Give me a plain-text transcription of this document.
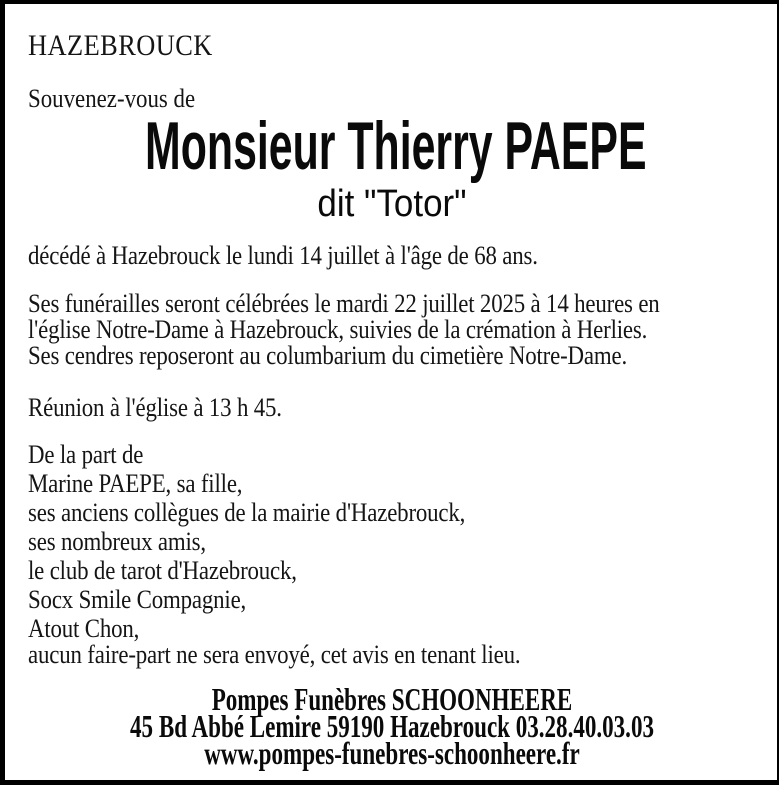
HAZEBROUCK
Souvenez-vous de
Monsieur Thierry PAEPE
dit "Totor"
décédé à Hazebrouck le lundi 14 juillet à l'âge de 68 ans.
Ses funérailles seront célébrées le mardi 22 juillet 2025 à 14 heures en
l'église Notre-Dame à Hazebrouck, suivies de la crémation à Herlies.
Ses cendres reposeront au columbarium du cimetière Notre-Dame.
Réunion à l'église à 13 h 45.
De la part de
Marine PAEPE, sa fille,
ses anciens collègues de la mairie d'Hazebrouck,
ses nombreux amis,
le club de tarot d'Hazebrouck,
Socx Smile Compagnie,
Atout Chon,
aucun faire-part ne sera envoyé, cet avis en tenant lieu.
Pompes Funèbres SCHOONHEERE
45 Bd Abbé Lemire 59190 Hazebrouck 03.28.40.03.03
www.pompes-funebres-schoonheere.fr
